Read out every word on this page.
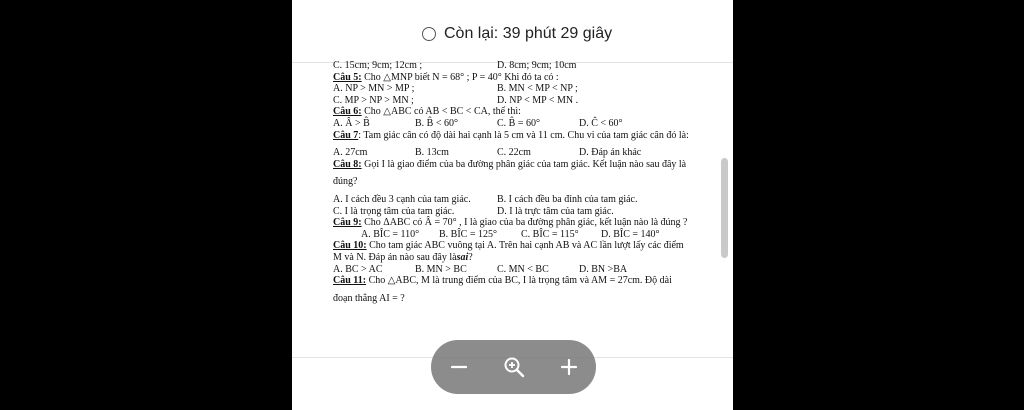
Còn lại: 39 phút 29 giây
C. 15cm; 9cm; 12cm ;	D. 8cm; 9cm; 10cm
Câu 5:
Cho △MNP biết N = 68° ; P = 40° Khi đó ta có :
A. NP > MN > MP ;	B. MN < MP < NP ;
C. MP > NP > MN ;	D. NP < MP < MN .
Câu 6:
Cho △ABC có AB < BC < CA, thế thì:
A. Â > B̂	B. B̂ < 60°	C. B̂ = 60°	D. Ĉ < 60°
Câu 7 : Tam giác cân có độ dài hai cạnh là 5 cm và 11 cm. Chu vi của tam giác cân đó là:
A. 27cm	B. 13cm	C. 22cm	D. Đáp án khác
Câu 8:
Gọi I là giao điểm của ba đường phân giác của tam giác. Kết luận nào sau đây là
đúng?
A. I cách đều 3 cạnh của tam giác.	B. I cách đều ba đỉnh của tam giác.
C. I là trọng tâm của tam giác.	D. I là trực tâm của tam giác.
Câu 9:
Cho ΔABC có Â = 70° , I là giao của ba đường phân giác, kết luận nào là đúng ?
A. BÎC = 110°	B. BÎC = 125°	C. BÎC = 115°	D. BÎC = 140°
Câu 10:
Cho tam giác ABC vuông tại A. Trên hai cạnh AB và AC lần lượt lấy các điểm
M và N. Đáp án nào sau đây là sai ?
A. BC > AC	B. MN > BC	C. MN < BC	D. BN >BA
Câu 11:
Cho △ABC, M là trung điểm của BC, I là trọng tâm và AM = 27cm. Độ dài
đoạn thẳng AI = ?
